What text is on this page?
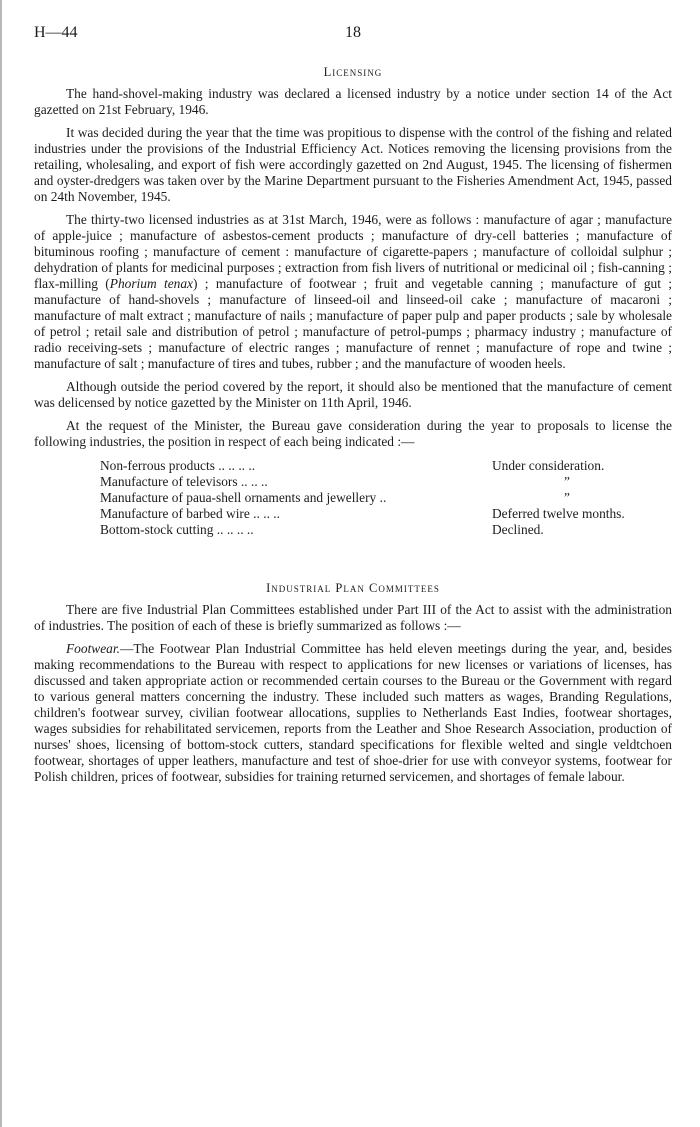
H—44	18
Licensing

The hand-shovel-making industry was declared a licensed industry by a notice under section 14 of the Act gazetted on 21st February, 1946.

It was decided during the year that the time was propitious to dispense with the control of the fishing and related industries under the provisions of the Industrial Efficiency Act. Notices removing the licensing provisions from the retailing, wholesaling, and export of fish were accordingly gazetted on 2nd August, 1945. The licensing of fishermen and oyster-dredgers was taken over by the Marine Department pursuant to the Fisheries Amendment Act, 1945, passed on 24th November, 1945.

The thirty-two licensed industries as at 31st March, 1946, were as follows : manufacture of agar ; manufacture of apple-juice ; manufacture of asbestos-cement products ; manufacture of dry-cell batteries ; manufacture of bituminous roofing ; manufacture of cement : manufacture of cigarette-papers ; manufacture of colloidal sulphur ; dehydration of plants for medicinal purposes ; extraction from fish livers of nutritional or medicinal oil ; fish-canning ; flax-milling (Phorium tenax) ; manufacture of footwear ; fruit and vegetable canning ; manufacture of gut ; manufacture of hand-shovels ; manufacture of linseed-oil and linseed-oil cake ; manufacture of macaroni ; manufacture of malt extract ; manufacture of nails ; manufacture of paper pulp and paper products ; sale by wholesale of petrol ; retail sale and distribution of petrol ; manufacture of petrol-pumps ; pharmacy industry ; manufacture of radio receiving-sets ; manufacture of electric ranges ; manufacture of rennet ; manufacture of rope and twine ; manufacture of salt ; manufacture of tires and tubes, rubber ; and the manufacture of wooden heels.

Although outside the period covered by the report, it should also be mentioned that the manufacture of cement was delicensed by notice gazetted by the Minister on 11th April, 1946.

At the request of the Minister, the Bureau gave consideration during the year to proposals to license the following industries, the position in respect of each being indicated :—

Non-ferrous products .. .. .. ..	Under consideration.
Manufacture of televisors .. .. ..	”
Manufacture of paua-shell ornaments and jewellery ..	”
Manufacture of barbed wire .. .. ..	Deferred twelve months.
Bottom-stock cutting .. .. .. ..	Declined.
Industrial Plan Committees

There are five Industrial Plan Committees established under Part III of the Act to assist with the administration of industries. The position of each of these is briefly summarized as follows :—

Footwear.—The Footwear Plan Industrial Committee has held eleven meetings during the year, and, besides making recommendations to the Bureau with respect to applications for new licenses or variations of licenses, has discussed and taken appropriate action or recommended certain courses to the Bureau or the Government with regard to various general matters concerning the industry. These included such matters as wages, Branding Regulations, children's footwear survey, civilian footwear allocations, supplies to Netherlands East Indies, footwear shortages, wages subsidies for rehabilitated servicemen, reports from the Leather and Shoe Research Association, production of nurses' shoes, licensing of bottom-stock cutters, standard specifications for flexible welted and single veldtchoen footwear, shortages of upper leathers, manufacture and test of shoe-drier for use with conveyor systems, footwear for Polish children, prices of footwear, subsidies for training returned servicemen, and shortages of female labour.
